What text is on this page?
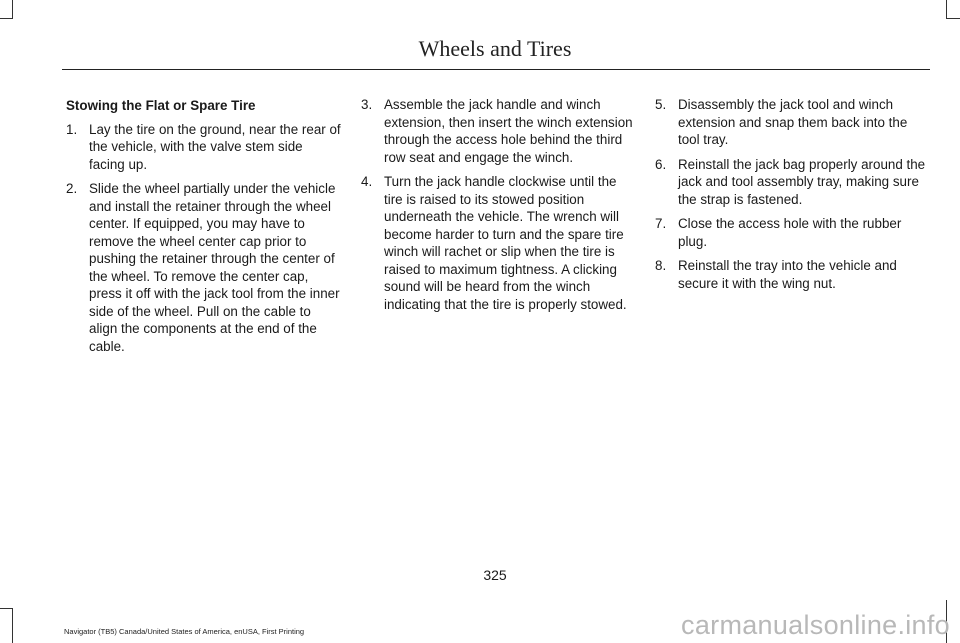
Wheels and Tires
Stowing the Flat or Spare Tire
1. Lay the tire on the ground, near the rear of the vehicle, with the valve stem side facing up.
2. Slide the wheel partially under the vehicle and install the retainer through the wheel center. If equipped, you may have to remove the wheel center cap prior to pushing the retainer through the center of the wheel. To remove the center cap, press it off with the jack tool from the inner side of the wheel. Pull on the cable to align the components at the end of the cable.
3. Assemble the jack handle and winch extension, then insert the winch extension through the access hole behind the third row seat and engage the winch.
4. Turn the jack handle clockwise until the tire is raised to its stowed position underneath the vehicle. The wrench will become harder to turn and the spare tire winch will rachet or slip when the tire is raised to maximum tightness. A clicking sound will be heard from the winch indicating that the tire is properly stowed.
5. Disassembly the jack tool and winch extension and snap them back into the tool tray.
6. Reinstall the jack bag properly around the jack and tool assembly tray, making sure the strap is fastened.
7. Close the access hole with the rubber plug.
8. Reinstall the tray into the vehicle and secure it with the wing nut.
325
Navigator (TB5) Canada/United States of America, enUSA, First Printing	carmanualsonline.info
